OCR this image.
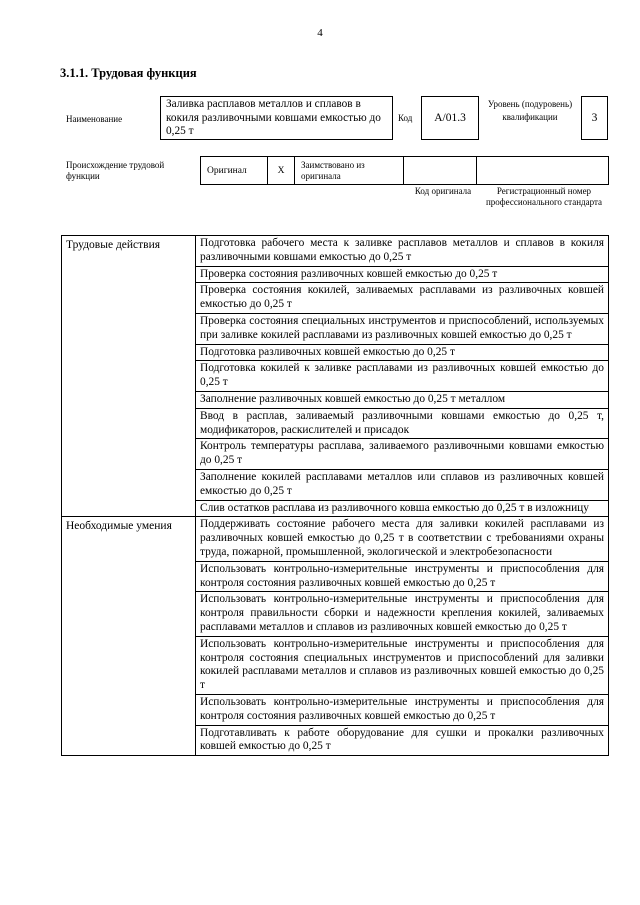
4
3.1.1. Трудовая функция
Наименование
Заливка расплавов металлов и сплавов в кокиля разливочными ковшами емкостью до 0,25 т
Код	A/01.3
Уровень (подуровень) квалификации	3
Происхождение трудовой функции
Оригинал	X	Заимствовано из оригинала		
Код оригинала	Регистрационный номер профессионального стандарта
Трудовые действия	Подготовка рабочего места к заливке расплавов металлов и сплавов в кокиля разливочными ковшами емкостью до 0,25 т
	Проверка состояния разливочных ковшей емкостью до 0,25 т
	Проверка состояния кокилей, заливаемых расплавами из разливочных ковшей емкостью до 0,25 т
	Проверка состояния специальных инструментов и приспособлений, используемых при заливке кокилей расплавами из разливочных ковшей емкостью до 0,25 т
	Подготовка разливочных ковшей емкостью до 0,25 т
	Подготовка кокилей к заливке расплавами из разливочных ковшей емкостью до 0,25 т
	Заполнение разливочных ковшей емкостью до 0,25 т металлом
	Ввод в расплав, заливаемый разливочными ковшами емкостью до 0,25 т, модификаторов, раскислителей и присадок
	Контроль температуры расплава, заливаемого разливочными ковшами емкостью до 0,25 т
	Заполнение кокилей расплавами металлов или сплавов из разливочных ковшей емкостью до 0,25 т
	Слив остатков расплава из разливочного ковша емкостью до 0,25 т в изложницу
Необходимые умения	Поддерживать состояние рабочего места для заливки кокилей расплавами из разливочных ковшей емкостью до 0,25 т в соответствии с требованиями охраны труда, пожарной, промышленной, экологической и электробезопасности
	Использовать контрольно-измерительные инструменты и приспособления для контроля состояния разливочных ковшей емкостью до 0,25 т
	Использовать контрольно-измерительные инструменты и приспособления для контроля правильности сборки и надежности крепления кокилей, заливаемых расплавами металлов и сплавов из разливочных ковшей емкостью до 0,25 т
	Использовать контрольно-измерительные инструменты и приспособления для контроля состояния специальных инструментов и приспособлений для заливки кокилей расплавами металлов и сплавов из разливочных ковшей емкостью до 0,25 т
	Использовать контрольно-измерительные инструменты и приспособления для контроля состояния разливочных ковшей емкостью до 0,25 т
	Подготавливать к работе оборудование для сушки и прокалки разливочных ковшей емкостью до 0,25 т
